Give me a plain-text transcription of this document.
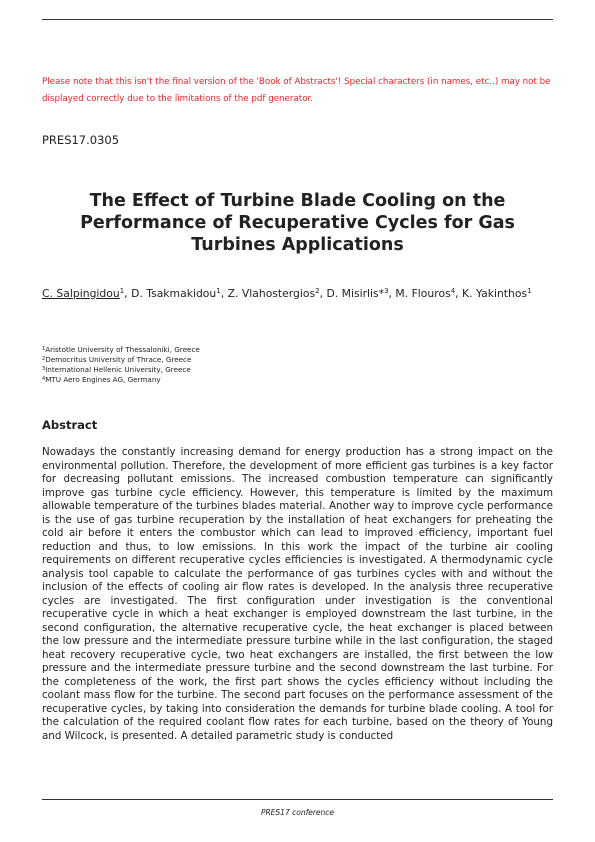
Please note that this isn't the final version of the 'Book of Abstracts'! Special characters (in names, etc..) may not be displayed correctly due to the limitations of the pdf generator.
PRES17.0305
The Effect of Turbine Blade Cooling on the Performance of Recuperative Cycles for Gas Turbines Applications
C. Salpingidou$^1$, D. Tsakmakidou$^1$, Z. Vlahostergios$^2$, D. Misirlis*$^3$, M. Flouros$^4$, K. Yakinthos$^1$
$^1$Aristotle University of Thessaloniki, Greece
$^2$Democritus University of Thrace, Greece
$^3$International Hellenic University, Greece
$^4$MTU Aero Engines AG, Germany
Abstract
Nowadays the constantly increasing demand for energy production has a strong impact on the environmental pollution. Therefore, the development of more efficient gas turbines is a key factor for decreasing pollutant emissions. The increased combustion temperature can significantly improve gas turbine cycle efficiency. However, this temperature is limited by the maximum allowable temperature of the turbines blades material. Another way to improve cycle performance is the use of gas turbine recuperation by the installation of heat exchangers for preheating the cold air before it enters the combustor which can lead to improved efficiency, important fuel reduction and thus, to low emissions. In this work the impact of the turbine air cooling requirements on different recuperative cycles efficiencies is investigated. A thermodynamic cycle analysis tool capable to calculate the performance of gas turbines cycles with and without the inclusion of the effects of cooling air flow rates is developed. In the analysis three recuperative cycles are investigated. The first configuration under investigation is the conventional recuperative cycle in which a heat exchanger is employed downstream the last turbine, in the second configuration, the alternative recuperative cycle, the heat exchanger is placed between the low pressure and the intermediate pressure turbine while in the last configuration, the staged heat recovery recuperative cycle, two heat exchangers are installed, the first between the low pressure and the intermediate pressure turbine and the second downstream the last turbine. For the completeness of the work, the first part shows the cycles efficiency without including the coolant mass flow for the turbine. The second part focuses on the performance assessment of the recuperative cycles, by taking into consideration the demands for turbine blade cooling. A tool for the calculation of the required coolant flow rates for each turbine, based on the theory of Young and Wilcock, is presented. A detailed parametric study is conducted
PRES17 conference
